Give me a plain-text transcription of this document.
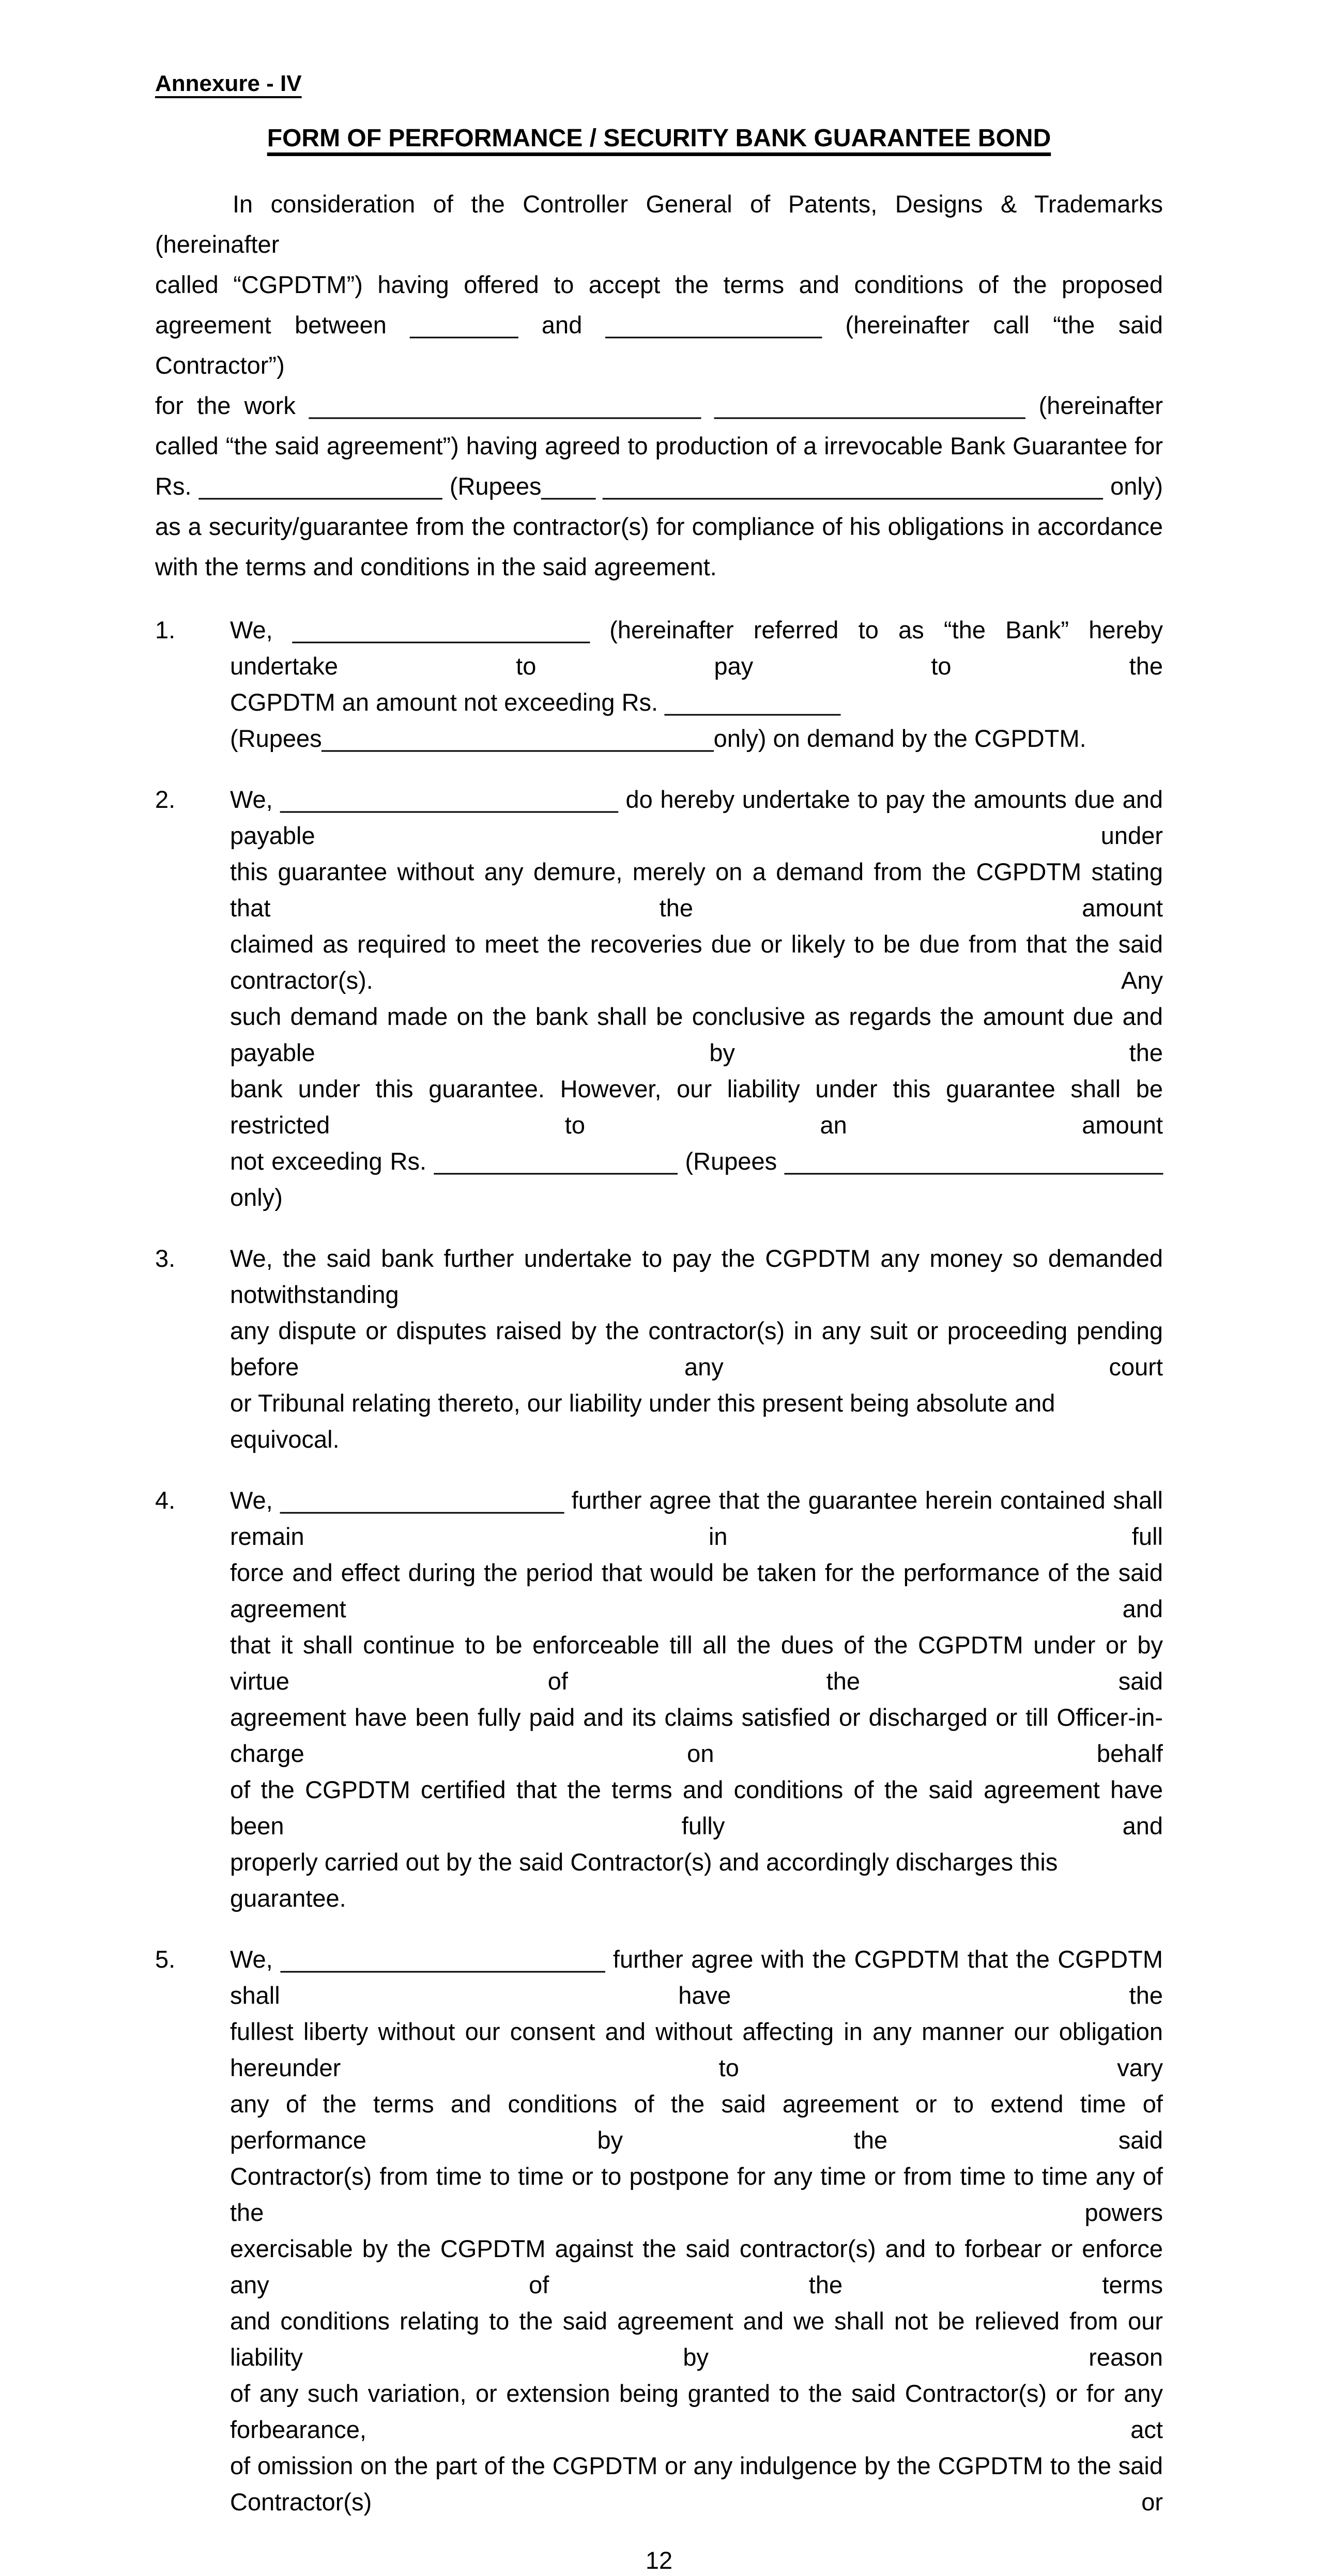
Annexure - IV
FORM OF PERFORMANCE / SECURITY BANK GUARANTEE BOND
In consideration of the Controller General of Patents, Designs & Trademarks (hereinafter
called “CGPDTM”) having offered to accept the terms and conditions of the proposed
agreement between ________ and ________________ (hereinafter call “the said Contractor”)
for the work _____________________________ _______________________ (hereinafter
called “the said agreement”) having agreed to production of a irrevocable Bank Guarantee for
Rs. __________________ (Rupees____ _____________________________________ only)
as a security/guarantee from the contractor(s) for compliance of his obligations in accordance
with the terms and conditions in the said agreement.
1. We, ______________________ (hereinafter referred to as “the Bank” hereby undertake to pay to the
CGPDTM an amount not exceeding Rs. _____________
(Rupees_____________________________only) on demand by the CGPDTM.
2. We, _________________________ do hereby undertake to pay the amounts due and payable under
this guarantee without any demure, merely on a demand from the CGPDTM stating that the amount
claimed as required to meet the recoveries due or likely to be due from that the said contractor(s). Any
such demand made on the bank shall be conclusive as regards the amount due and payable by the
bank under this guarantee. However, our liability under this guarantee shall be restricted to an amount
not exceeding Rs. __________________ (Rupees ____________________________ only)
3. We, the said bank further undertake to pay the CGPDTM any money so demanded notwithstanding
any dispute or disputes raised by the contractor(s) in any suit or proceeding pending before any court
or Tribunal relating thereto, our liability under this present being absolute and equivocal.
4. We, _____________________ further agree that the guarantee herein contained shall remain in full
force and effect during the period that would be taken for the performance of the said agreement and
that it shall continue to be enforceable till all the dues of the CGPDTM under or by virtue of the said
agreement have been fully paid and its claims satisfied or discharged or till Officer-in-charge on behalf
of the CGPDTM certified that the terms and conditions of the said agreement have been fully and
properly carried out by the said Contractor(s) and accordingly discharges this guarantee.
5. We, ________________________ further agree with the CGPDTM that the CGPDTM shall have the
fullest liberty without our consent and without affecting in any manner our obligation hereunder to vary
any of the terms and conditions of the said agreement or to extend time of performance by the said
Contractor(s) from time to time or to postpone for any time or from time to time any of the powers
exercisable by the CGPDTM against the said contractor(s) and to forbear or enforce any of the terms
and conditions relating to the said agreement and we shall not be relieved from our liability by reason
of any such variation, or extension being granted to the said Contractor(s) or for any forbearance, act
of omission on the part of the CGPDTM or any indulgence by the CGPDTM to the said Contractor(s) or
12
